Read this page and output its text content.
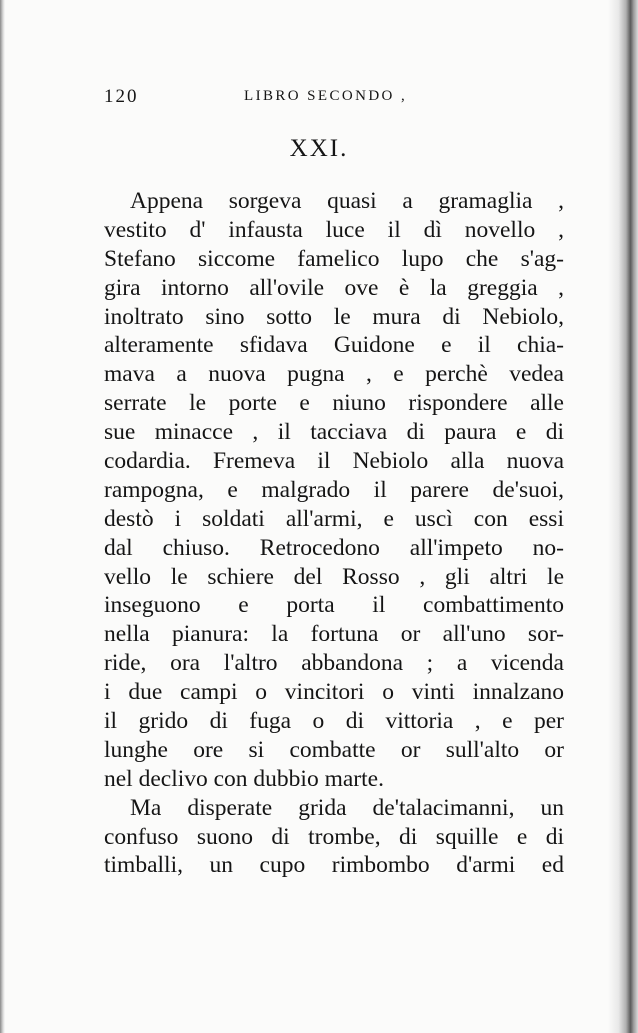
120	LIBRO SECONDO ,
XXI.
Appena sorgeva quasi a gramaglia ,
vestito d' infausta luce il dì novello ,
Stefano siccome famelico lupo che s'ag-
gira intorno all'ovile ove è la greggia ,
inoltrato sino sotto le mura di Nebiolo,
alteramente sfidava Guidone e il chia-
mava a nuova pugna , e perchè vedea
serrate le porte e niuno rispondere alle
sue minacce , il tacciava di paura e di
codardia. Fremeva il Nebiolo alla nuova
rampogna, e malgrado il parere de'suoi,
destò i soldati all'armi, e uscì con essi
dal chiuso. Retrocedono all'impeto no-
vello le schiere del Rosso , gli altri le
inseguono e porta il combattimento
nella pianura: la fortuna or all'uno sor-
ride, ora l'altro abbandona ; a vicenda
i due campi o vincitori o vinti innalzano
il grido di fuga o di vittoria , e per
lunghe ore si combatte or sull'alto or
nel declivo con dubbio marte.
Ma disperate grida de'talacimanni, un
confuso suono di trombe, di squille e di
timballi, un cupo rimbombo d'armi ed
